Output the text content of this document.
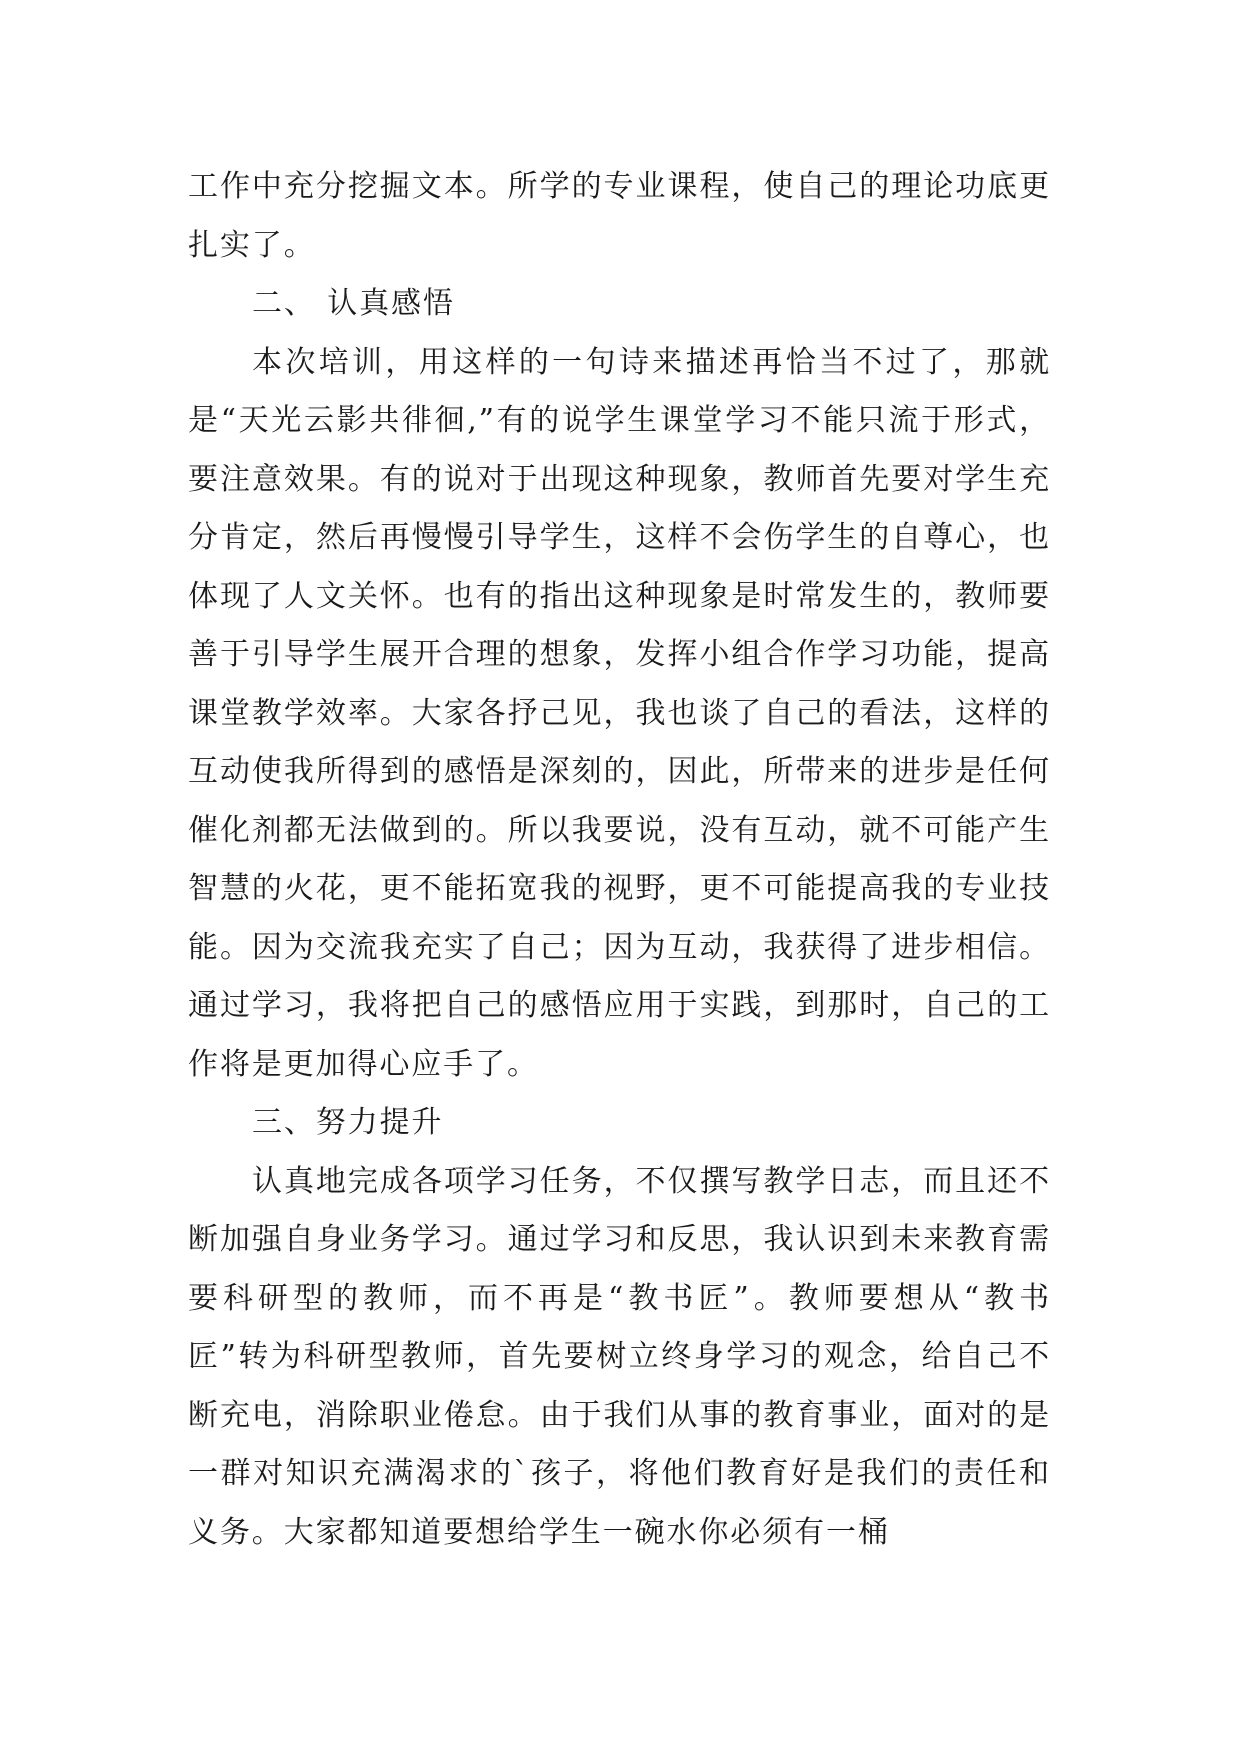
工作中充分挖掘文本。所学的专业课程，使自己的理论功底更扎实了。

二、 认真感悟

本次培训，用这样的一句诗来描述再恰当不过了，那就是“天光云影共徘徊,”有的说学生课堂学习不能只流于形式，要注意效果。有的说对于出现这种现象，教师首先要对学生充分肯定，然后再慢慢引导学生，这样不会伤学生的自尊心，也体现了人文关怀。也有的指出这种现象是时常发生的，教师要善于引导学生展开合理的想象，发挥小组合作学习功能，提高课堂教学效率。大家各抒己见，我也谈了自己的看法，这样的互动使我所得到的感悟是深刻的，因此，所带来的进步是任何催化剂都无法做到的。所以我要说，没有互动，就不可能产生智慧的火花，更不能拓宽我的视野，更不可能提高我的专业技能。因为交流我充实了自己；因为互动，我获得了进步相信。通过学习，我将把自己的感悟应用于实践，到那时，自己的工作将是更加得心应手了。

三、努力提升

认真地完成各项学习任务，不仅撰写教学日志，而且还不断加强自身业务学习。通过学习和反思，我认识到未来教育需要科研型的教师，而不再是“教书匠”。教师要想从“教书匠”转为科研型教师，首先要树立终身学习的观念，给自己不断充电，消除职业倦怠。由于我们从事的教育事业，面对的是一群对知识充满渴求的`孩子，将他们教育好是我们的责任和义务。大家都知道要想给学生一碗水你必须有一桶
